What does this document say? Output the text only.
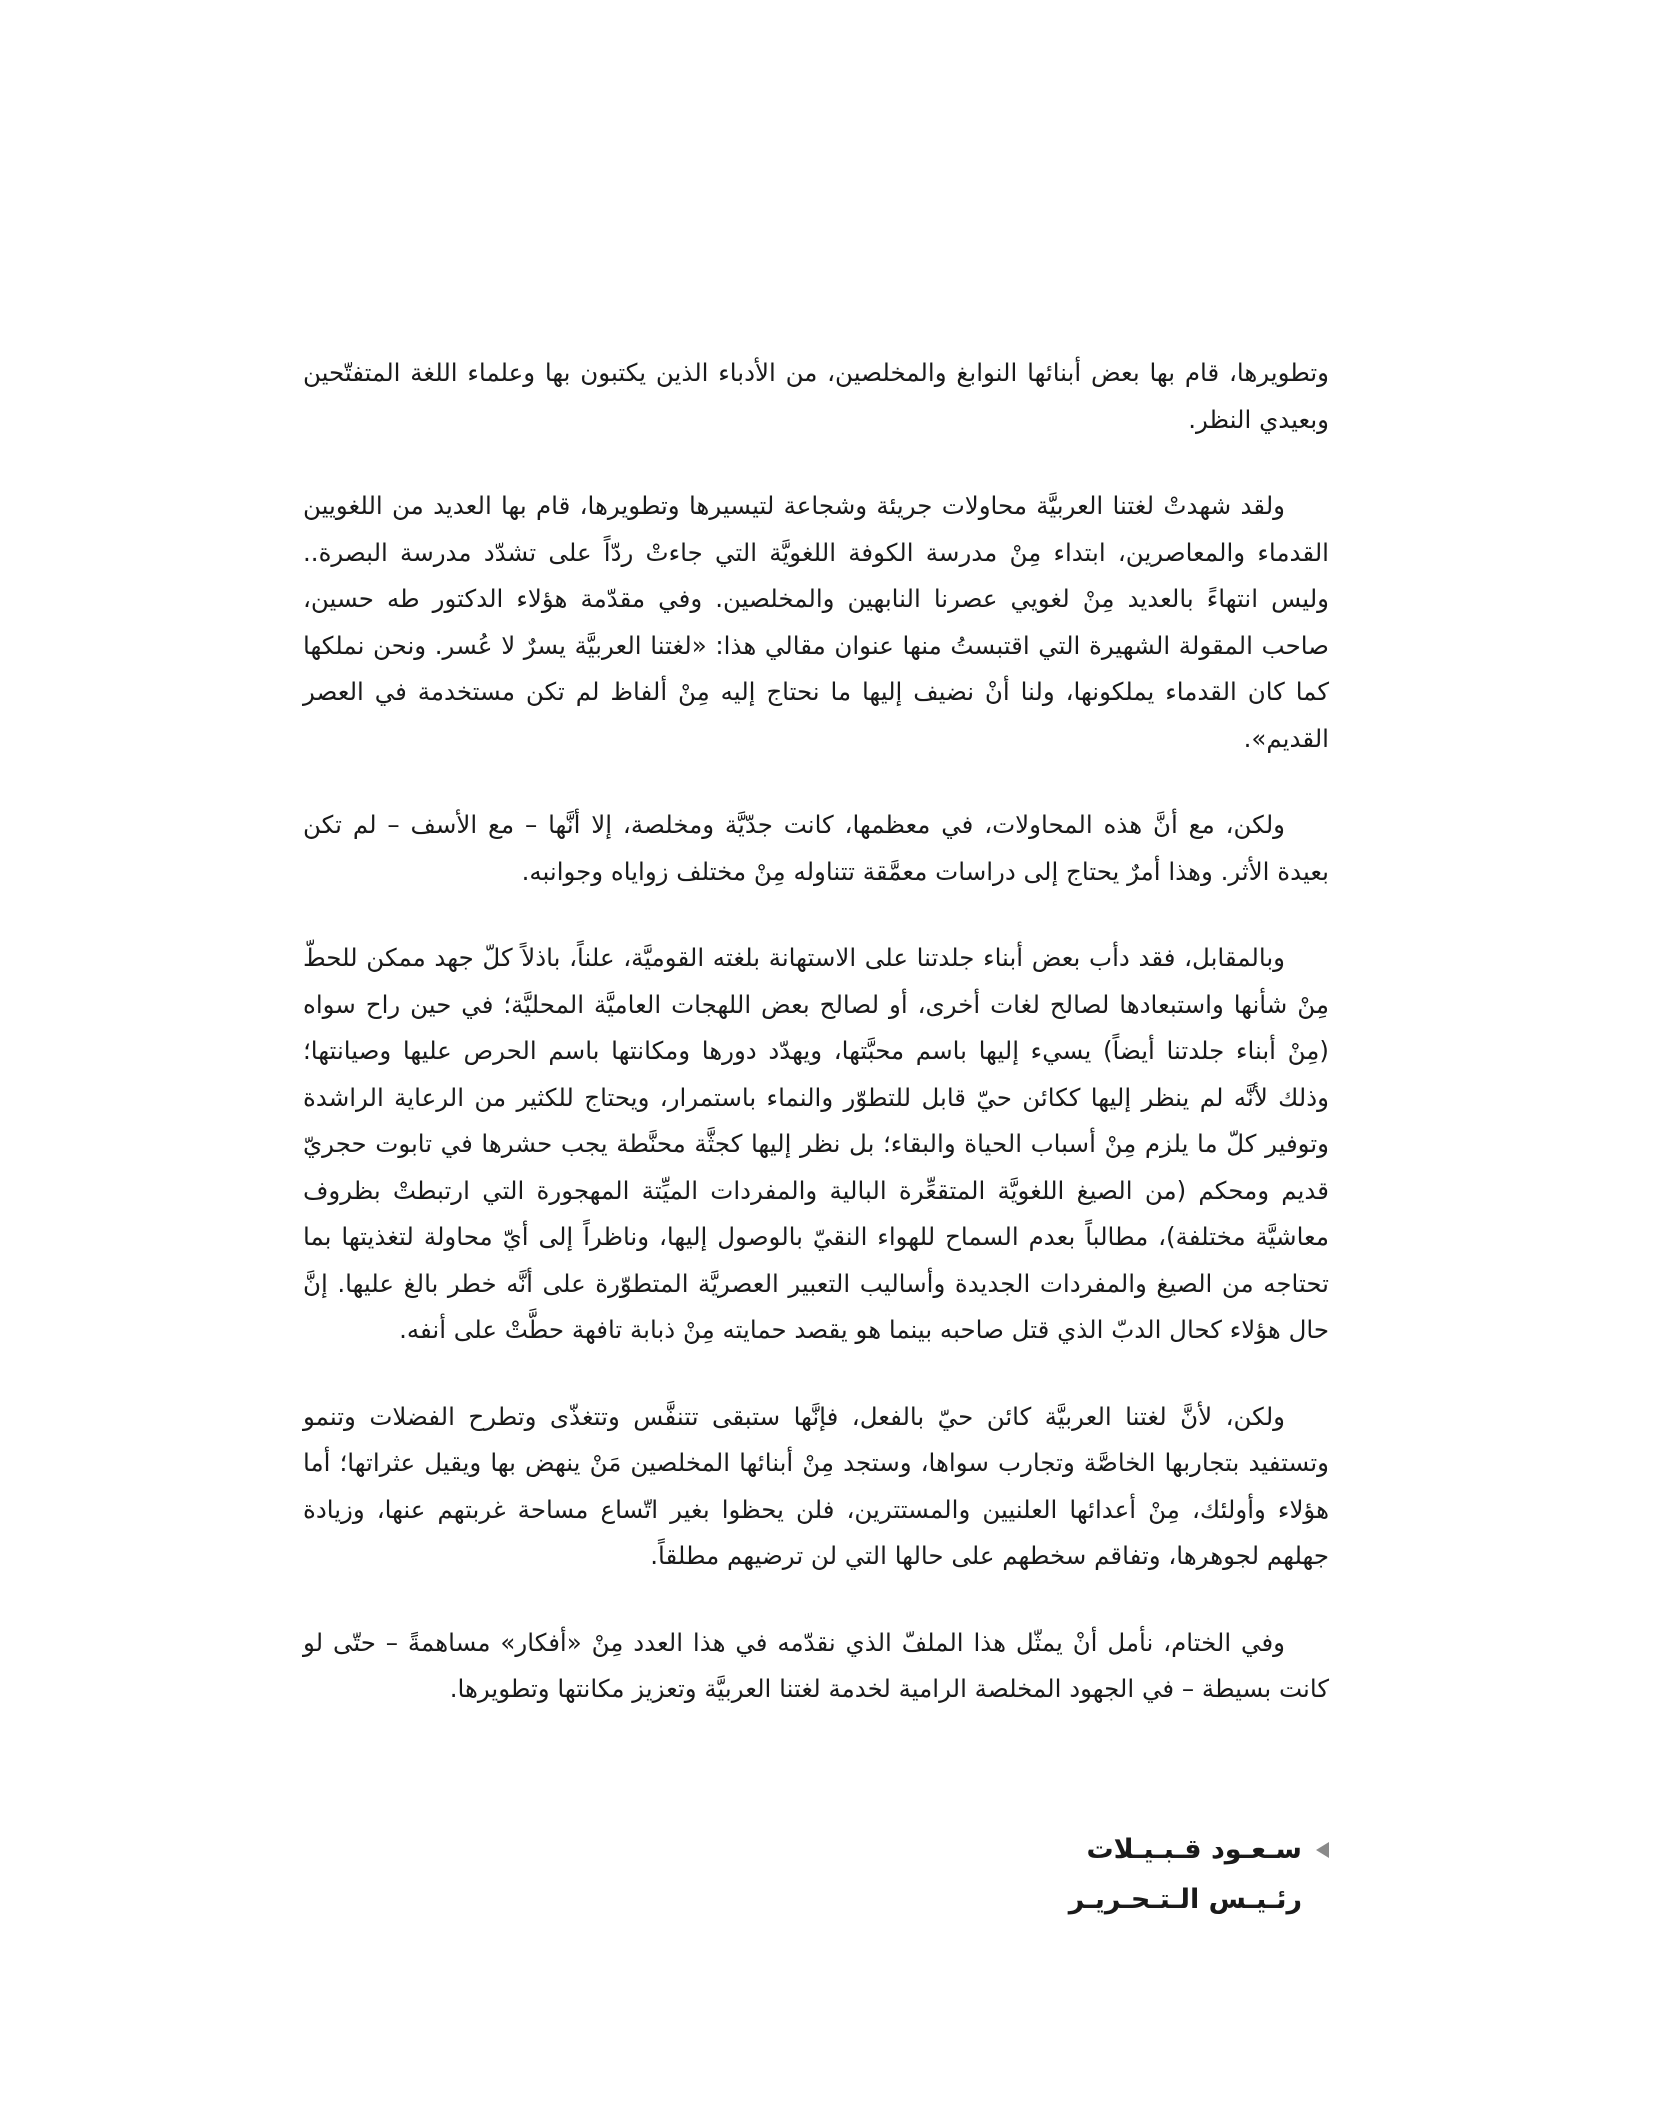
وتطويرها، قام بها بعض أبنائها النوابغ والمخلصين، من الأدباء الذين يكتبون بها وعلماء اللغة المتفتّحين وبعيدي النظر.

ولقد شهدتْ لغتنا العربيَّة محاولات جريئة وشجاعة لتيسيرها وتطويرها، قام بها العديد من اللغويين القدماء والمعاصرين، ابتداء مِنْ مدرسة الكوفة اللغويَّة التي جاءتْ ردّاً على تشدّد مدرسة البصرة.. وليس انتهاءً بالعديد مِنْ لغويي عصرنا النابهين والمخلصين. وفي مقدّمة هؤلاء الدكتور طه حسين، صاحب المقولة الشهيرة التي اقتبستُ منها عنوان مقالي هذا: «لغتنا العربيَّة يسرٌ لا عُسر. ونحن نملكها كما كان القدماء يملكونها، ولنا أنْ نضيف إليها ما نحتاج إليه مِنْ ألفاظ لم تكن مستخدمة في العصر القديم».

ولكن، مع أنَّ هذه المحاولات، في معظمها، كانت جدّيَّة ومخلصة، إلا أنَّها – مع الأسف – لم تكن بعيدة الأثر. وهذا أمرٌ يحتاج إلى دراسات معمَّقة تتناوله مِنْ مختلف زواياه وجوانبه.

وبالمقابل، فقد دأب بعض أبناء جلدتنا على الاستهانة بلغته القوميَّة، علناً، باذلاً كلّ جهد ممكن للحطّ مِنْ شأنها واستبعادها لصالح لغات أخرى، أو لصالح بعض اللهجات العاميَّة المحليَّة؛ في حين راح سواه (مِنْ أبناء جلدتنا أيضاً) يسيء إليها باسم محبَّتها، ويهدّد دورها ومكانتها باسم الحرص عليها وصيانتها؛ وذلك لأنَّه لم ينظر إليها ككائن حيّ قابل للتطوّر والنماء باستمرار، ويحتاج للكثير من الرعاية الراشدة وتوفير كلّ ما يلزم مِنْ أسباب الحياة والبقاء؛ بل نظر إليها كجثَّة محنَّطة يجب حشرها في تابوت حجريّ قديم ومحكم (من الصيغ اللغويَّة المتقعِّرة البالية والمفردات الميِّتة المهجورة التي ارتبطتْ بظروف معاشيَّة مختلفة)، مطالباً بعدم السماح للهواء النقيّ بالوصول إليها، وناظراً إلى أيّ محاولة لتغذيتها بما تحتاجه من الصيغ والمفردات الجديدة وأساليب التعبير العصريَّة المتطوّرة على أنَّه خطر بالغ عليها. إنَّ حال هؤلاء كحال الدبّ الذي قتل صاحبه بينما هو يقصد حمايته مِنْ ذبابة تافهة حطَّتْ على أنفه.

ولكن، لأنَّ لغتنا العربيَّة كائن حيّ بالفعل، فإنَّها ستبقى تتنفَّس وتتغذّى وتطرح الفضلات وتنمو وتستفيد بتجاربها الخاصَّة وتجارب سواها، وستجد مِنْ أبنائها المخلصين مَنْ ينهض بها ويقيل عثراتها؛ أما هؤلاء وأولئك، مِنْ أعدائها العلنيين والمستترين، فلن يحظوا بغير اتّساع مساحة غربتهم عنها، وزيادة جهلهم لجوهرها، وتفاقم سخطهم على حالها التي لن ترضيهم مطلقاً.

وفي الختام، نأمل أنْ يمثّل هذا الملفّ الذي نقدّمه في هذا العدد مِنْ «أفكار» مساهمةً – حتّى لو كانت بسيطة – في الجهود المخلصة الرامية لخدمة لغتنا العربيَّة وتعزيز مكانتها وتطويرها.

سـعـود قـبـيـلات
رئـيـس الـتـحـريـر
